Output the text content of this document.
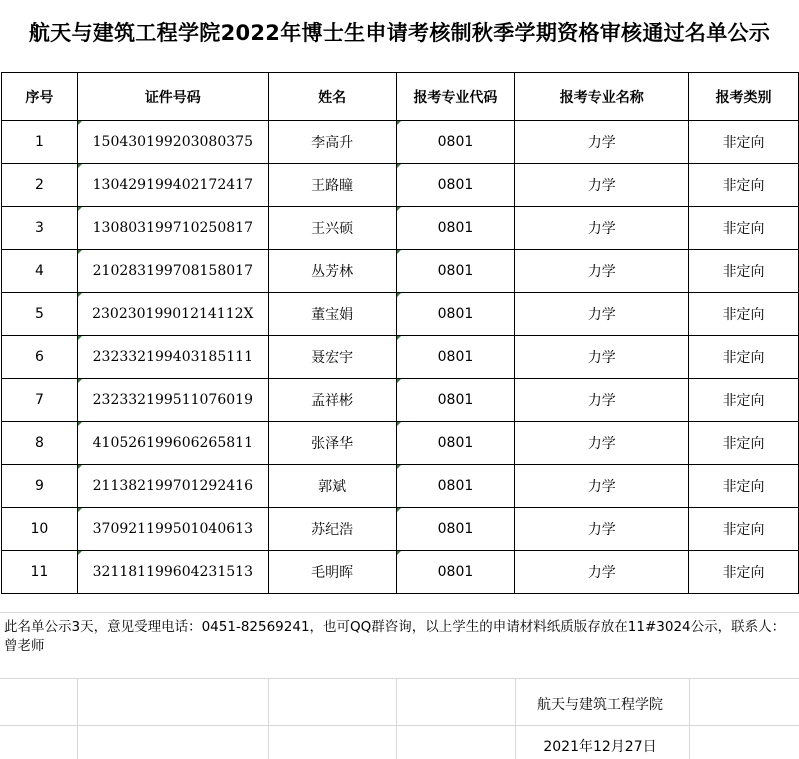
航天与建筑工程学院2022年博士生申请考核制秋季学期资格审核通过名单公示
序号	证件号码	姓名	报考专业代码	报考专业名称	报考类别
1	150430199203080375	李高升	0801	力学	非定向
2	130429199402172417	王路瞳	0801	力学	非定向
3	130803199710250817	王兴硕	0801	力学	非定向
4	210283199708158017	丛芳林	0801	力学	非定向
5	23023019901214112X	董宝娟	0801	力学	非定向
6	232332199403185111	聂宏宇	0801	力学	非定向
7	232332199511076019	孟祥彬	0801	力学	非定向
8	410526199606265811	张泽华	0801	力学	非定向
9	211382199701292416	郭斌	0801	力学	非定向
10	370921199501040613	苏纪浩	0801	力学	非定向
11	321181199604231513	毛明晖	0801	力学	非定向
此名单公示3天，意见受理电话：0451-82569241，也可QQ群咨询，以上学生的申请材料纸质版存放在11#3024公示，联系人：曾老师
航天与建筑工程学院
2021年12月27日
